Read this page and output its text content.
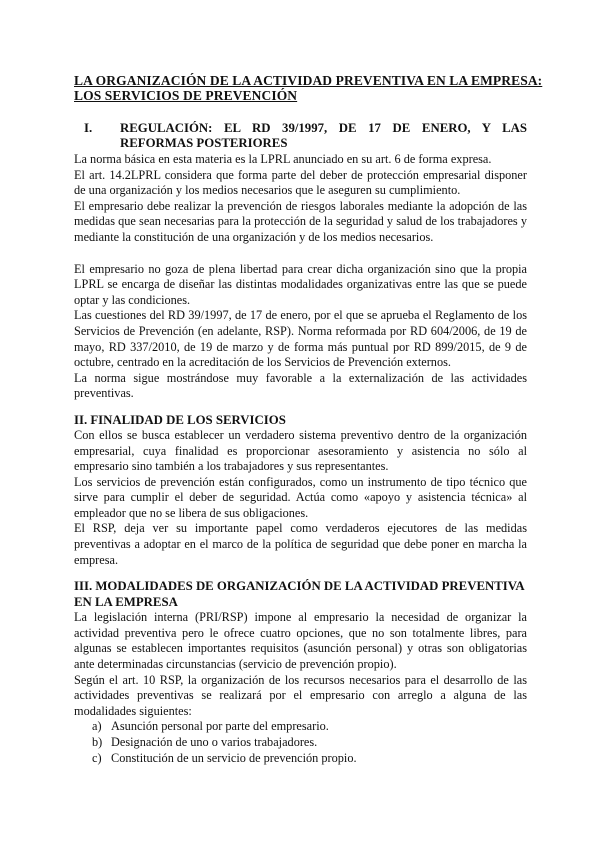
LA ORGANIZACIÓN DE LA ACTIVIDAD PREVENTIVA EN LA EMPRESA: LOS SERVICIOS DE PREVENCIÓN
I.	REGULACIÓN: EL RD 39/1997, DE 17 DE ENERO, Y LAS REFORMAS POSTERIORES

La norma básica en esta materia es la LPRL anunciado en su art. 6 de forma expresa.

El art. 14.2LPRL considera que forma parte del deber de protección empresarial disponer de una organización y los medios necesarios que le aseguren su cumplimiento.

El empresario debe realizar la prevención de riesgos laborales mediante la adopción de las medidas que sean necesarias para la protección de la seguridad y salud de los trabajadores y mediante la constitución de una organización y de los medios necesarios.

El empresario no goza de plena libertad para crear dicha organización sino que la propia LPRL se encarga de diseñar las distintas modalidades organizativas entre las que se puede optar y las condiciones.

Las cuestiones del RD 39/1997, de 17 de enero, por el que se aprueba el Reglamento de los Servicios de Prevención (en adelante, RSP). Norma reformada por RD 604/2006, de 19 de mayo, RD 337/2010, de 19 de marzo y de forma más puntual por RD 899/2015, de 9 de octubre, centrado en la acreditación de los Servicios de Prevención externos.

La norma sigue mostrándose muy favorable a la externalización de las actividades preventivas.

II. FINALIDAD DE LOS SERVICIOS

Con ellos se busca establecer un verdadero sistema preventivo dentro de la organización empresarial, cuya finalidad es proporcionar asesoramiento y asistencia no sólo al empresario sino también a los trabajadores y sus representantes.

Los servicios de prevención están configurados, como un instrumento de tipo técnico que sirve para cumplir el deber de seguridad. Actúa como «apoyo y asistencia técnica» al empleador que no se libera de sus obligaciones.

El RSP, deja ver su importante papel como verdaderos ejecutores de las medidas preventivas a adoptar en el marco de la política de seguridad que debe poner en marcha la empresa.

III. MODALIDADES DE ORGANIZACIÓN DE LA ACTIVIDAD PREVENTIVA EN LA EMPRESA

La legislación interna (PRI/RSP) impone al empresario la necesidad de organizar la actividad preventiva pero le ofrece cuatro opciones, que no son totalmente libres, para algunas se establecen importantes requisitos (asunción personal) y otras son obligatorias ante determinadas circunstancias (servicio de prevención propio).

Según el art. 10 RSP, la organización de los recursos necesarios para el desarrollo de las actividades preventivas se realizará por el empresario con arreglo a alguna de las modalidades siguientes:

a) Asunción personal por parte del empresario.
b) Designación de uno o varios trabajadores.
c) Constitución de un servicio de prevención propio.
